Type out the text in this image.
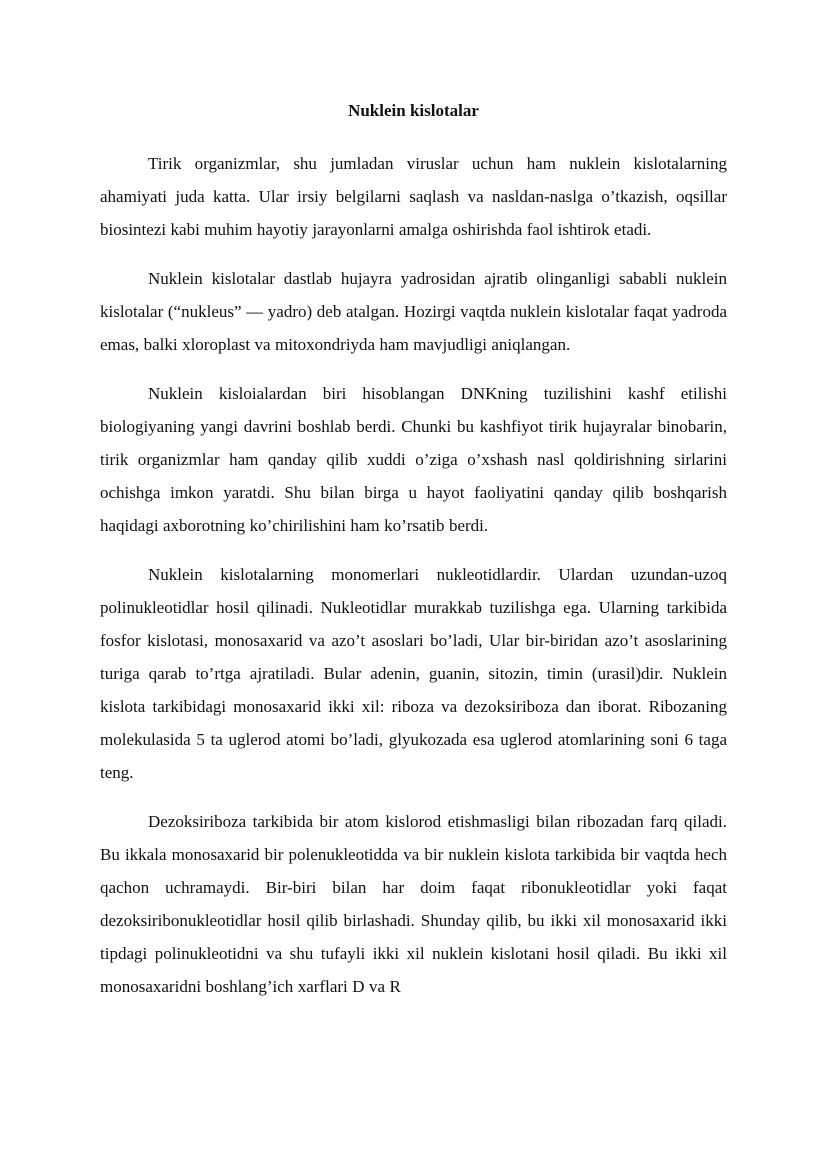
Nuklein kislotalar

Tirik organizmlar, shu jumladan viruslar uchun ham nuklein kislotalarning ahamiyati juda katta. Ular irsiy belgilarni saqlash va nasldan-naslga o’tkazish, oqsillar biosintezi kabi muhim hayotiy jarayonlarni amalga oshirishda faol ishtirok etadi.

Nuklein kislotalar dastlab hujayra yadrosidan ajratib olinganligi sababli nuklein kislotalar (“nukleus” — yadro) deb atalgan. Hozirgi vaqtda nuklein kislotalar faqat yadroda emas, balki xloroplast va mitoxondriyda ham mavjudligi aniqlangan.

Nuklein kisloialardan biri hisoblangan DNKning tuzilishini kashf etilishi biologiyaning yangi davrini boshlab berdi. Chunki bu kashfiyot tirik hujayralar binobarin, tirik organizmlar ham qanday qilib xuddi o’ziga o’xshash nasl qoldirishning sirlarini ochishga imkon yaratdi. Shu bilan birga u hayot faoliyatini qanday qilib boshqarish haqidagi axborotning ko’chirilishini ham ko’rsatib berdi.

Nuklein kislotalarning monomerlari nukleotidlardir. Ulardan uzundan-uzoq polinukleotidlar hosil qilinadi. Nukleotidlar murakkab tuzilishga ega. Ularning tarkibida fosfor kislotasi, monosaxarid va azo’t asoslari bo’ladi, Ular bir-biridan azo’t asoslarining turiga qarab to’rtga ajratiladi. Bular adenin, guanin, sitozin, timin (urasil)dir. Nuklein kislota tarkibidagi monosaxarid ikki xil: riboza va dezoksiriboza dan iborat. Ribozaning molekulasida 5 ta uglerod atomi bo’ladi, glyukozada esa uglerod atomlarining soni 6 taga teng.

Dezoksiriboza tarkibida bir atom kislorod etishmasligi bilan ribozadan farq qiladi. Bu ikkala monosaxarid bir polenukleotidda va bir nuklein kislota tarkibida bir vaqtda hech qachon uchramaydi. Bir-biri bilan har doim faqat ribonukleotidlar yoki faqat dezoksiribonukleotidlar hosil qilib birlashadi. Shunday qilib, bu ikki xil monosaxarid ikki tipdagi polinukleotidni va shu tufayli ikki xil nuklein kislotani hosil qiladi. Bu ikki xil monosaxaridni boshlang’ich xarflari D va R
